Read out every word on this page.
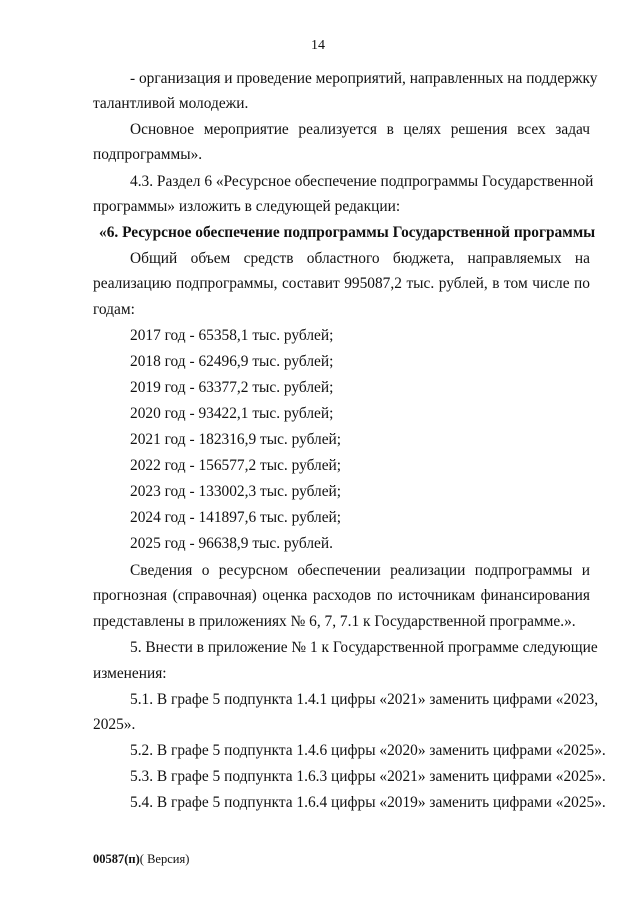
14
- организация и проведение мероприятий, направленных на поддержку
талантливой молодежи.
Основное мероприятие реализуется в целях решения всех задач
подпрограммы».
4.3. Раздел 6 «Ресурсное обеспечение подпрограммы Государственной
программы» изложить в следующей редакции:
«6. Ресурсное обеспечение подпрограммы Государственной программы
Общий объем средств областного бюджета, направляемых на
реализацию подпрограммы, составит 995087,2 тыс. рублей, в том числе по
годам:
2017 год - 65358,1 тыс. рублей;
2018 год - 62496,9 тыс. рублей;
2019 год - 63377,2 тыс. рублей;
2020 год - 93422,1 тыс. рублей;
2021 год - 182316,9 тыс. рублей;
2022 год - 156577,2 тыс. рублей;
2023 год - 133002,3 тыс. рублей;
2024 год - 141897,6 тыс. рублей;
2025 год - 96638,9 тыс. рублей.
Сведения о ресурсном обеспечении реализации подпрограммы и
прогнозная (справочная) оценка расходов по источникам финансирования
представлены в приложениях № 6, 7, 7.1 к Государственной программе.».
5. Внести в приложение № 1 к Государственной программе следующие
изменения:
5.1. В графе 5 подпункта 1.4.1 цифры «2021» заменить цифрами «2023,
2025».
5.2. В графе 5 подпункта 1.4.6 цифры «2020» заменить цифрами «2025».
5.3. В графе 5 подпункта 1.6.3 цифры «2021» заменить цифрами «2025».
5.4. В графе 5 подпункта 1.6.4 цифры «2019» заменить цифрами «2025».
00587(п)( Версия)
